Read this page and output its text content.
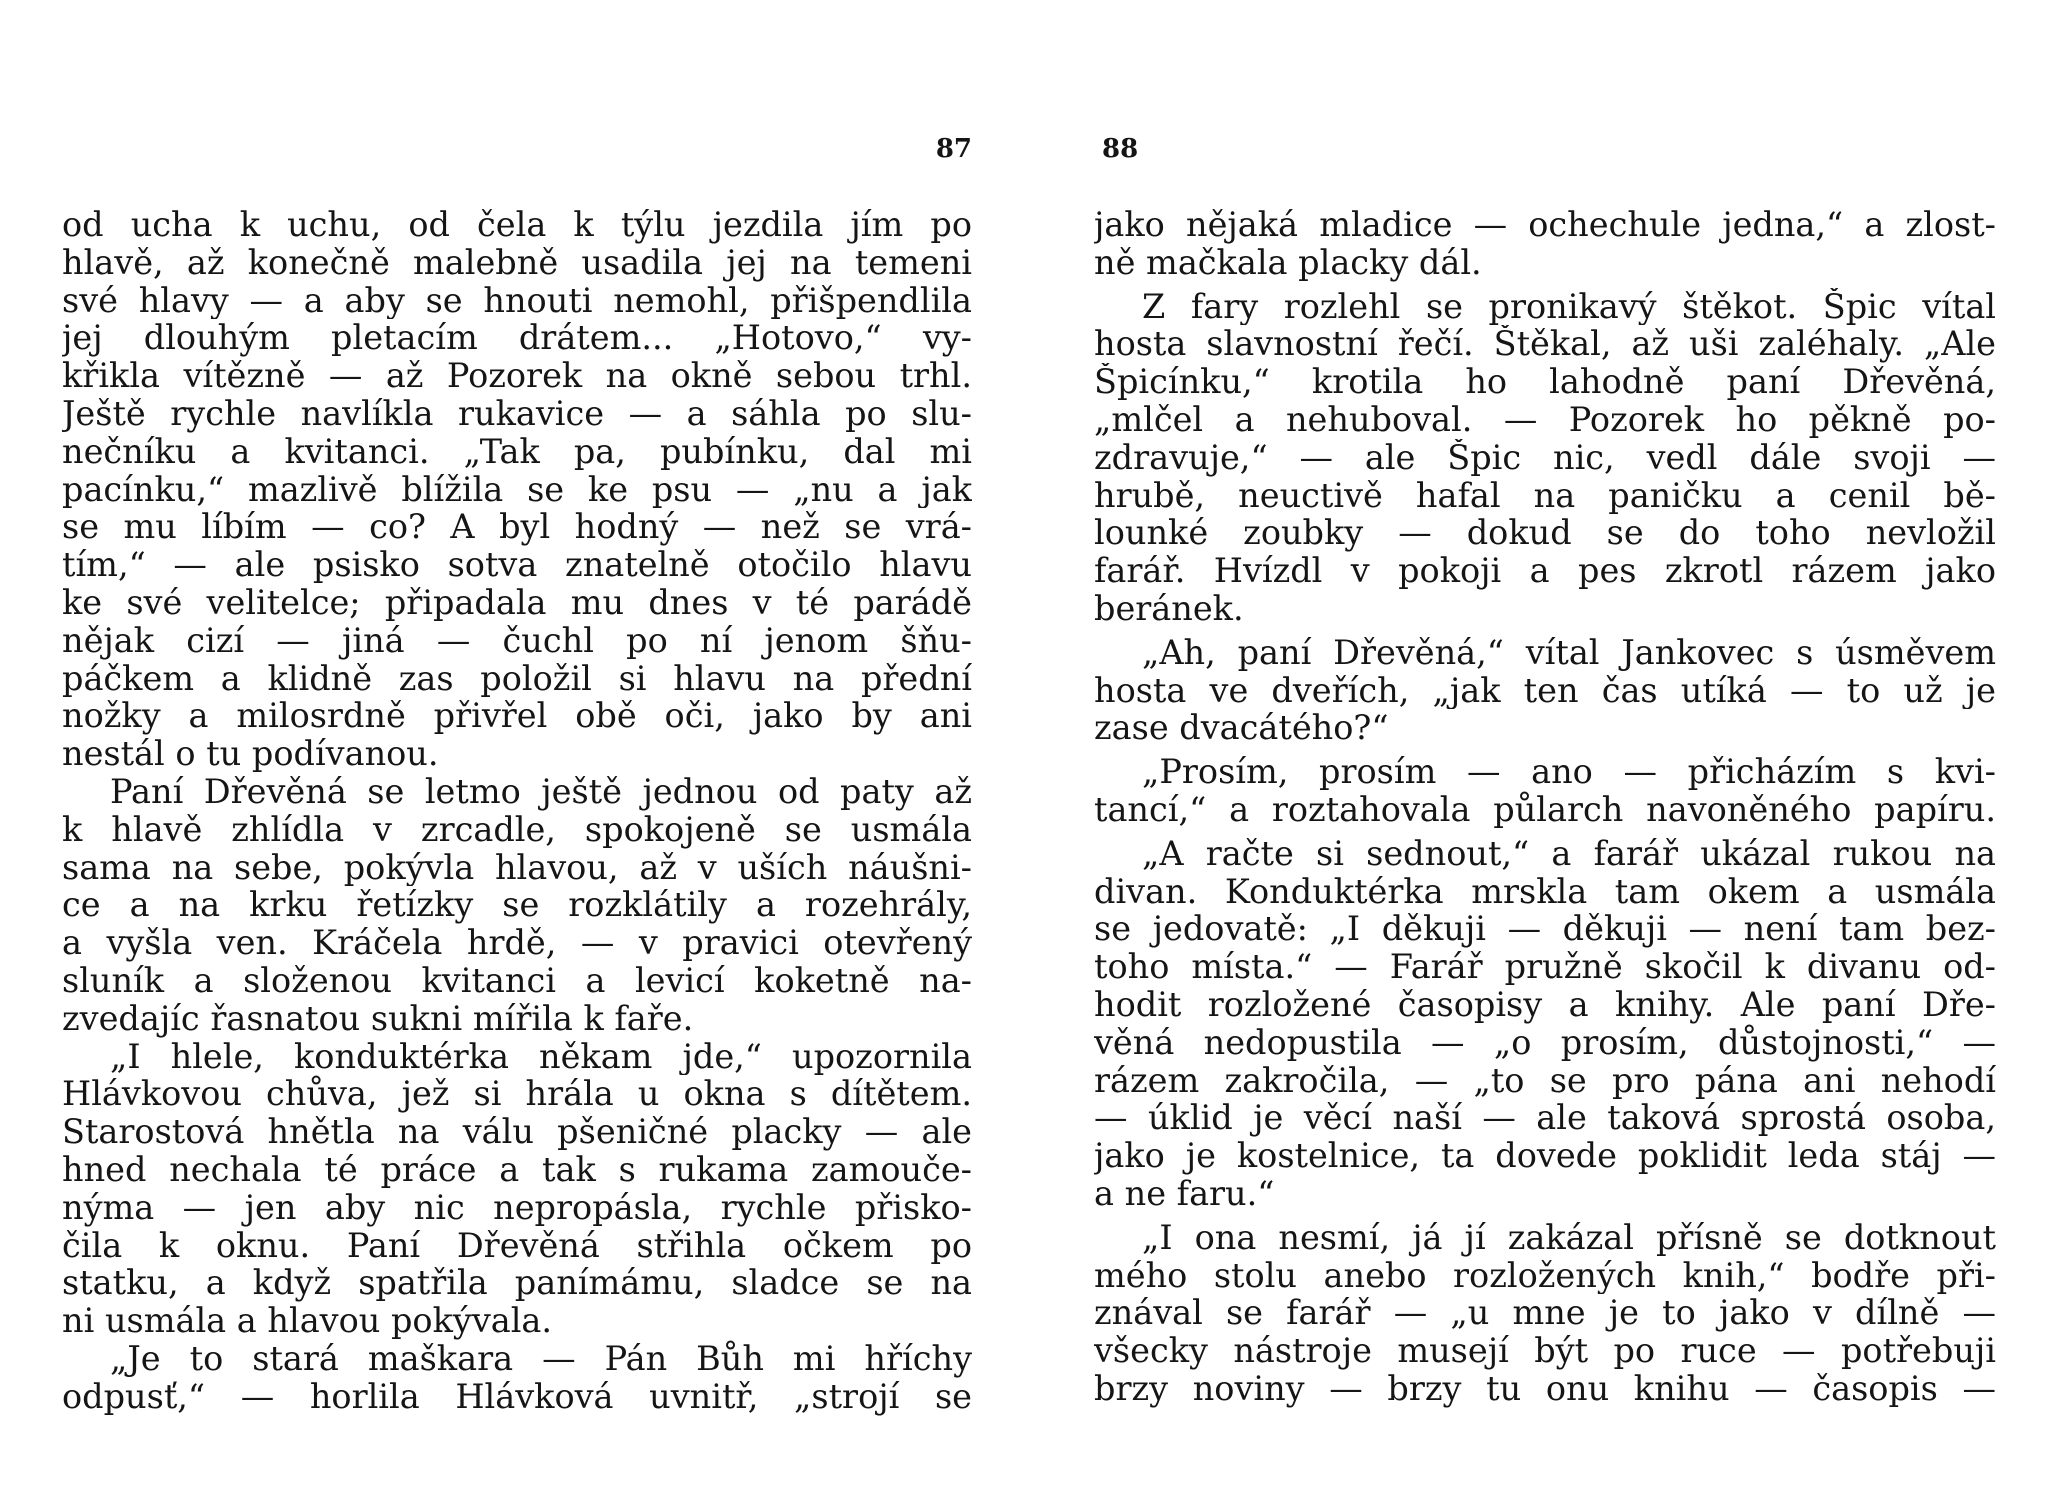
87
od ucha k uchu, od čela k týlu jezdila jím po
hlavě, až konečně malebně usadila jej na temeni
své hlavy — a aby se hnouti nemohl, přišpendlila
jej dlouhým pletacím drátem... „Hotovo,“ vy-
křikla vítězně — až Pozorek na okně sebou trhl.
Ještě rychle navlíkla rukavice — a sáhla po slu-
nečníku a kvitanci. „Tak pa, pubínku, dal mi
pacínku,“ mazlivě blížila se ke psu — „nu a jak
se mu líbím — co? A byl hodný — než se vrá-
tím,“ — ale psisko sotva znatelně otočilo hlavu
ke své velitelce; připadala mu dnes v té parádě
nějak cizí — jiná — čuchl po ní jenom šňu-
páčkem a klidně zas položil si hlavu na přední
nožky a milosrdně přivřel obě oči, jako by ani
nestál o tu podívanou.
Paní Dřevěná se letmo ještě jednou od paty až
k hlavě zhlídla v zrcadle, spokojeně se usmála
sama na sebe, pokývla hlavou, až v uších náušni-
ce a na krku řetízky se rozklátily a rozehrály,
a vyšla ven. Kráčela hrdě, — v pravici otevřený
sluník a složenou kvitanci a levicí koketně na-
zvedajíc řasnatou sukni mířila k faře.
„I hlele, konduktérka někam jde,“ upozornila
Hlávkovou chůva, jež si hrála u okna s dítětem.
Starostová hnětla na válu pšeničné placky — ale
hned nechala té práce a tak s rukama zamouče-
nýma — jen aby nic nepropásla, rychle přisko-
čila k oknu. Paní Dřevěná střihla očkem po
statku, a když spatřila panímámu, sladce se na
ni usmála a hlavou pokývala.
„Je to stará maškara — Pán Bůh mi hříchy
odpusť,“ — horlila Hlávková uvnitř, „strojí se
88
jako nějaká mladice — ochechule jedna,“ a zlost-
ně mačkala placky dál.
Z fary rozlehl se pronikavý štěkot. Špic vítal
hosta slavnostní řečí. Štěkal, až uši zaléhaly. „Ale
Špicínku,“ krotila ho lahodně paní Dřevěná,
„mlčel a nehuboval. — Pozorek ho pěkně po-
zdravuje,“ — ale Špic nic, vedl dále svoji —
hrubě, neuctivě hafal na paničku a cenil bě-
lounké zoubky — dokud se do toho nevložil
farář. Hvízdl v pokoji a pes zkrotl rázem jako
beránek.
„Ah, paní Dřevěná,“ vítal Jankovec s úsměvem
hosta ve dveřích, „jak ten čas utíká — to už je
zase dvacátého?“
„Prosím, prosím — ano — přicházím s kvi-
tancí,“ a roztahovala půlarch navoněného papíru.
„A račte si sednout,“ a farář ukázal rukou na
divan. Konduktérka mrskla tam okem a usmála
se jedovatě: „I děkuji — děkuji — není tam bez-
toho místa.“ — Farář pružně skočil k divanu od-
hodit rozložené časopisy a knihy. Ale paní Dře-
věná nedopustila — „o prosím, důstojnosti,“ —
rázem zakročila, — „to se pro pána ani nehodí
— úklid je věcí naší — ale taková sprostá osoba,
jako je kostelnice, ta dovede poklidit leda stáj —
a ne faru.“
„I ona nesmí, já jí zakázal přísně se dotknout
mého stolu anebo rozložených knih,“ bodře při-
znával se farář — „u mne je to jako v dílně —
všecky nástroje musejí být po ruce — potřebuji
brzy noviny — brzy tu onu knihu — časopis —
